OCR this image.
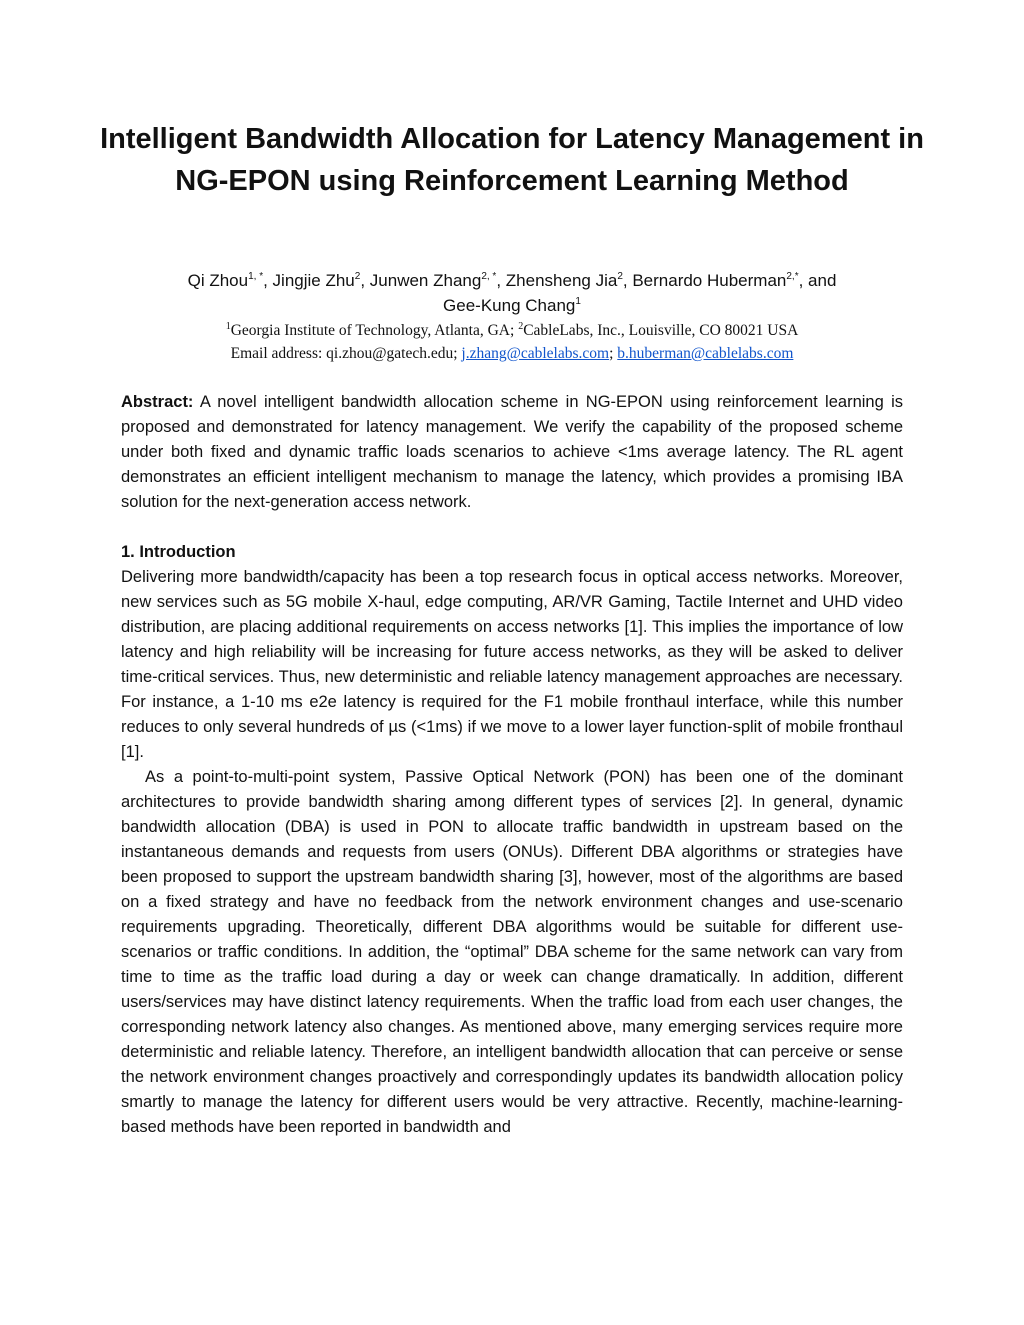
Intelligent Bandwidth Allocation for Latency Management in NG-EPON using Reinforcement Learning Method
Qi Zhou$^{1, *}$, Jingjie Zhu$^2$, Junwen Zhang$^{2, *}$, Zhensheng Jia$^2$, Bernardo Huberman$^{2,*}$, and
Gee-Kung Chang$^1$
$^1$Georgia Institute of Technology, Atlanta, GA; $^2$CableLabs, Inc., Louisville, CO 80021 USA
Email address: qi.zhou@gatech.edu; j.zhang@cablelabs.com; b.huberman@cablelabs.com

Abstract: A novel intelligent bandwidth allocation scheme in NG-EPON using reinforcement learning is proposed and demonstrated for latency management. We verify the capability of the proposed scheme under both fixed and dynamic traffic loads scenarios to achieve <1ms average latency. The RL agent demonstrates an efficient intelligent mechanism to manage the latency, which provides a promising IBA solution for the next-generation access network.

1. Introduction

Delivering more bandwidth/capacity has been a top research focus in optical access networks. Moreover, new services such as 5G mobile X-haul, edge computing, AR/VR Gaming, Tactile Internet and UHD video distribution, are placing additional requirements on access networks [1]. This implies the importance of low latency and high reliability will be increasing for future access networks, as they will be asked to deliver time-critical services. Thus, new deterministic and reliable latency management approaches are necessary. For instance, a 1-10 ms e2e latency is required for the F1 mobile fronthaul interface, while this number reduces to only several hundreds of µs (<1ms) if we move to a lower layer function-split of mobile fronthaul [1].

As a point-to-multi-point system, Passive Optical Network (PON) has been one of the dominant architectures to provide bandwidth sharing among different types of services [2]. In general, dynamic bandwidth allocation (DBA) is used in PON to allocate traffic bandwidth in upstream based on the instantaneous demands and requests from users (ONUs). Different DBA algorithms or strategies have been proposed to support the upstream bandwidth sharing [3], however, most of the algorithms are based on a fixed strategy and have no feedback from the network environment changes and use-scenario requirements upgrading. Theoretically, different DBA algorithms would be suitable for different use-scenarios or traffic conditions. In addition, the “optimal” DBA scheme for the same network can vary from time to time as the traffic load during a day or week can change dramatically. In addition, different users/services may have distinct latency requirements. When the traffic load from each user changes, the corresponding network latency also changes. As mentioned above, many emerging services require more deterministic and reliable latency. Therefore, an intelligent bandwidth allocation that can perceive or sense the network environment changes proactively and correspondingly updates its bandwidth allocation policy smartly to manage the latency for different users would be very attractive. Recently, machine-learning-based methods have been reported in bandwidth and
